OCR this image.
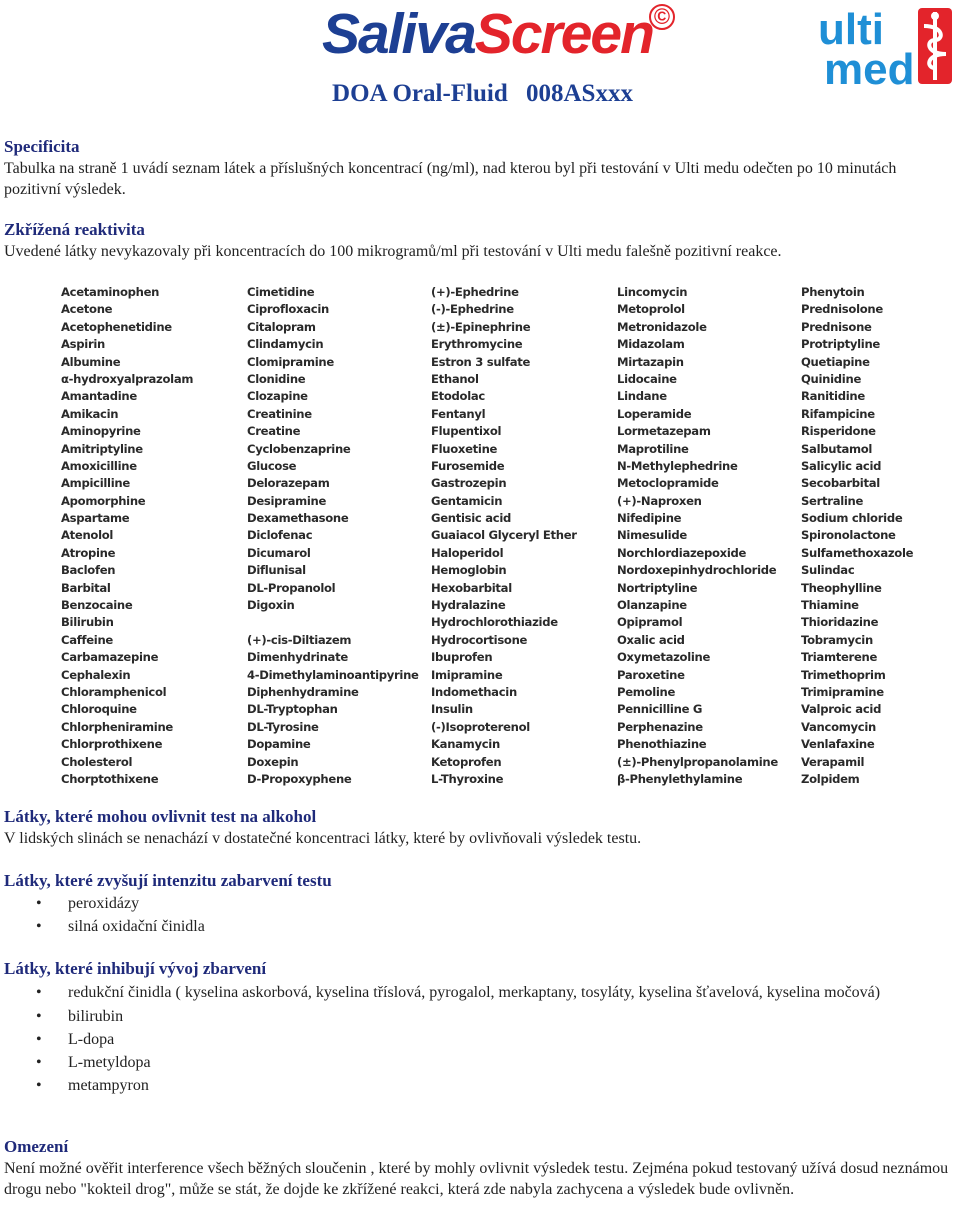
SalivaScreen ©
DOA Oral-Fluid 008ASxxx
ulti
med
Specificita
Tabulka na straně 1 uvádí seznam látek a příslušných koncentrací (ng/ml), nad kterou byl při testování v Ulti medu odečten po 10 minutách pozitivní výsledek.
Zkřížená reaktivita
Uvedené látky nevykazovaly při koncentracích do 100 mikrogramů/ml při testování v Ulti medu falešně pozitivní reakce.
Acetaminophen
Acetone
Acetophenetidine
Aspirin
Albumine
α-hydroxyalprazolam
Amantadine
Amikacin
Aminopyrine
Amitriptyline
Amoxicilline
Ampicilline
Apomorphine
Aspartame
Atenolol
Atropine
Baclofen
Barbital
Benzocaine
Bilirubin
Caffeine
Carbamazepine
Cephalexin
Chloramphenicol
Chloroquine
Chlorpheniramine
Chlorprothixene
Cholesterol
Chorptothixene
Cimetidine
Ciprofloxacin
Citalopram
Clindamycin
Clomipramine
Clonidine
Clozapine
Creatinine
Creatine
Cyclobenzaprine
Glucose
Delorazepam
Desipramine
Dexamethasone
Diclofenac
Dicumarol
Diflunisal
DL-Propanolol
Digoxin
(+)-cis-Diltiazem
Dimenhydrinate
4-Dimethylaminoantipyrine
Diphenhydramine
DL-Tryptophan
DL-Tyrosine
Dopamine
Doxepin
D-Propoxyphene
(+)-Ephedrine
(-)-Ephedrine
(±)-Epinephrine
Erythromycine
Estron 3 sulfate
Ethanol
Etodolac
Fentanyl
Flupentixol
Fluoxetine
Furosemide
Gastrozepin
Gentamicin
Gentisic acid
Guaiacol Glyceryl Ether
Haloperidol
Hemoglobin
Hexobarbital
Hydralazine
Hydrochlorothiazide
Hydrocortisone
Ibuprofen
Imipramine
Indomethacin
Insulin
(-)Isoproterenol
Kanamycin
Ketoprofen
L-Thyroxine
Lincomycin
Metoprolol
Metronidazole
Midazolam
Mirtazapin
Lidocaine
Lindane
Loperamide
Lormetazepam
Maprotiline
N-Methylephedrine
Metoclopramide
(+)-Naproxen
Nifedipine
Nimesulide
Norchlordiazepoxide
Nordoxepinhydrochloride
Nortriptyline
Olanzapine
Opipramol
Oxalic acid
Oxymetazoline
Paroxetine
Pemoline
Pennicilline G
Perphenazine
Phenothiazine
(±)-Phenylpropanolamine
β-Phenylethylamine
Phenytoin
Prednisolone
Prednisone
Protriptyline
Quetiapine
Quinidine
Ranitidine
Rifampicine
Risperidone
Salbutamol
Salicylic acid
Secobarbital
Sertraline
Sodium chloride
Spironolactone
Sulfamethoxazole
Sulindac
Theophylline
Thiamine
Thioridazine
Tobramycin
Triamterene
Trimethoprim
Trimipramine
Valproic acid
Vancomycin
Venlafaxine
Verapamil
Zolpidem
Látky, které mohou ovlivnit test na alkohol
V lidských slinách se nenachází v dostatečné koncentraci látky, které by ovlivňovali výsledek testu.
Látky, které zvyšují intenzitu zabarvení testu
• peroxidázy
• silná oxidační činidla
Látky, které inhibují vývoj zbarvení
• redukční činidla ( kyselina askorbová, kyselina tříslová, pyrogalol, merkaptany, tosyláty, kyselina šťavelová, kyselina močová)
• bilirubin
• L-dopa
• L-metyldopa
• metampyron
Omezení
Není možné ověřit interference všech běžných sloučenin , které by mohly ovlivnit výsledek testu. Zejména pokud testovaný užívá dosud neznámou drogu nebo "kokteil drog", může se stát, že dojde ke zkřížené reakci, která zde nabyla zachycena a výsledek bude ovlivněn.
